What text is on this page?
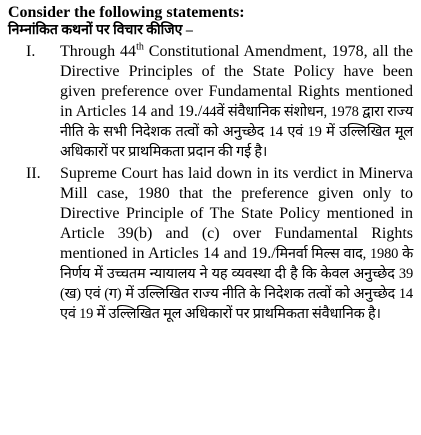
Consider the following statements:

निम्नांकित कथनों पर विचार कीजिए –

I.	Through 44th Constitutional Amendment, 1978, all the Directive Principles of the State Policy have been given preference over Fundamental Rights mentioned in Articles 14 and 19./44वें संवैधानिक संशोधन, 1978 द्वारा राज्य नीति के सभी निदेशक तत्वों को अनुच्छेद 14 एवं 19 में उल्लिखित मूल अधिकारों पर प्राथमिकता प्रदान की गई है।
II.	Supreme Court has laid down in its verdict in Minerva Mill case, 1980 that the preference given only to Directive Principle of The State Policy mentioned in Article 39(b) and (c) over Fundamental Rights mentioned in Articles 14 and 19./मिनर्वा मिल्स वाद, 1980 के निर्णय में उच्चतम न्यायालय ने यह व्यवस्था दी है कि केवल अनुच्छेद 39 (ख) एवं (ग) में उल्लिखित राज्य नीति के निदेशक तत्वों को अनुच्छेद 14 एवं 19 में उल्लिखित मूल अधिकारों पर प्राथमिकता संवैधानिक है।
